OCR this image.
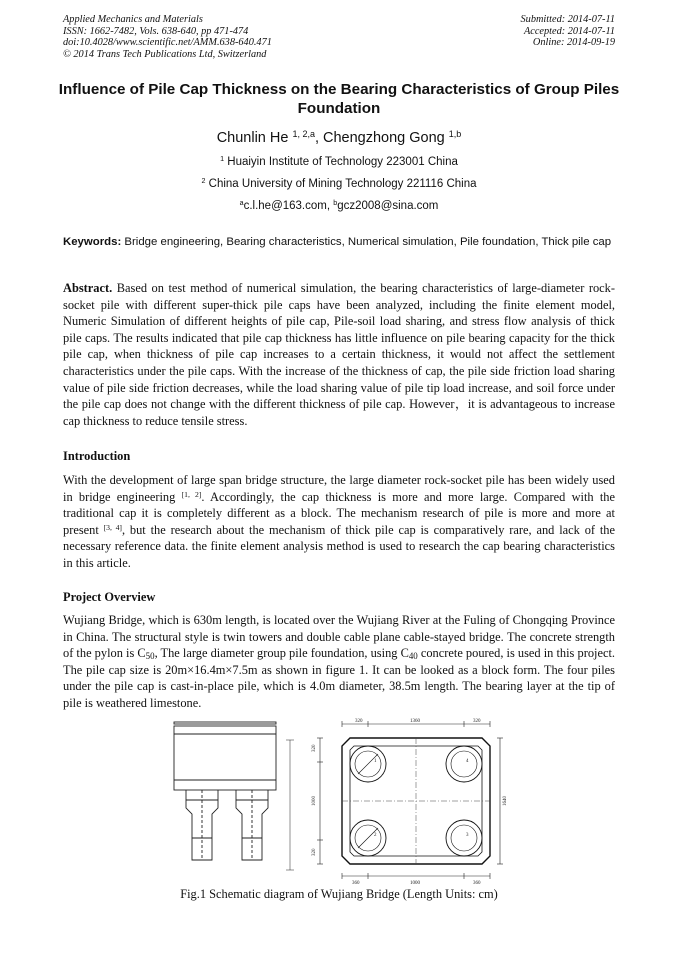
Applied Mechanics and Materials
ISSN: 1662-7482, Vols. 638-640, pp 471-474
doi:10.4028/www.scientific.net/AMM.638-640.471
© 2014 Trans Tech Publications Ltd, Switzerland
Submitted: 2014-07-11
Accepted: 2014-07-11
Online: 2014-09-19
Influence of Pile Cap Thickness on the Bearing Characteristics of Group Piles Foundation
Chunlin He $^{1, 2,a}$, Chengzhong Gong $^{1,b}$
$^1$ Huaiyin Institute of Technology 223001 China
$^2$ China University of Mining Technology 221116 China
$^a$c.l.he@163.com, $^b$gcz2008@sina.com
Keywords: Bridge engineering, Bearing characteristics, Numerical simulation, Pile foundation, Thick pile cap

Abstract. Based on test method of numerical simulation, the bearing characteristics of large-diameter rock-socket pile with different super-thick pile caps have been analyzed, including the finite element model, Numeric Simulation of different heights of pile cap, Pile-soil load sharing, and stress flow analysis of thick pile caps. The results indicated that pile cap thickness has little influence on pile bearing capacity for the thick pile cap, when thickness of pile cap increases to a certain thickness, it would not affect the settlement characteristics under the pile caps. With the increase of the thickness of cap, the pile side friction load sharing value of pile side friction decreases, while the load sharing value of pile tip load increase, and soil force under the pile cap does not change with the different thickness of pile cap. However，it is advantageous to increase cap thickness to reduce tensile stress.

Introduction

With the development of large span bridge structure, the large diameter rock-socket pile has been widely used in bridge engineering [1, 2]. Accordingly, the cap thickness is more and more large. Compared with the traditional cap it is completely different as a block. The mechanism research of pile is more and more at present [3, 4], but the research about the mechanism of thick pile cap is comparatively rare, and lack of the necessary reference data. the finite element analysis method is used to research the cap bearing characteristics in this article.

Project Overview

Wujiang Bridge, which is 630m length, is located over the Wujiang River at the Fuling of Chongqing Province in China. The structural style is twin towers and double cable plane cable-stayed bridge. The concrete strength of the pylon is $C_{50}$, The large diameter group pile foundation, using $C_{40}$ concrete poured, is used in this project. The pile cap size is 20m×16.4m×7.5m as shown in figure 1. It can be looked as a block form. The four piles under the pile cap is cast-in-place pile, which is 4.0m diameter, 38.5m length. The bearing layer at the tip of pile is weathered limestone.

320	1360	320
360	1000	360
320
1000
320
1640
1
2	3
4
Fig.1 Schematic diagram of Wujiang Bridge (Length Units: cm)
